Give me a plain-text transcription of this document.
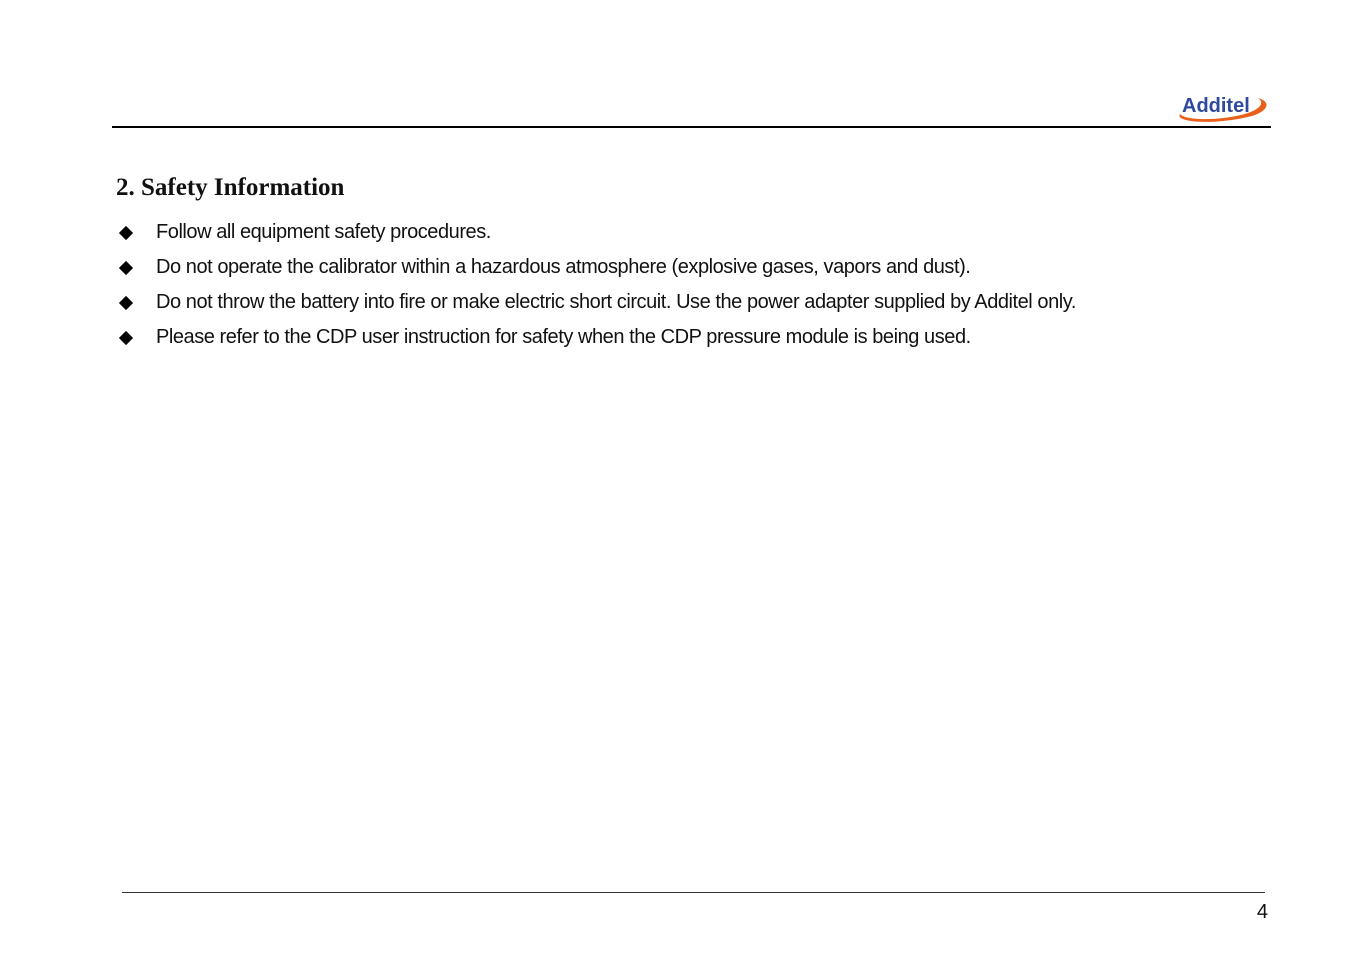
Additel
2. Safety Information
Follow all equipment safety procedures.
Do not operate the calibrator within a hazardous atmosphere (explosive gases, vapors and dust).
Do not throw the battery into fire or make electric short circuit. Use the power adapter supplied by Additel only.
Please refer to the CDP user instruction for safety when the CDP pressure module is being used.
4
